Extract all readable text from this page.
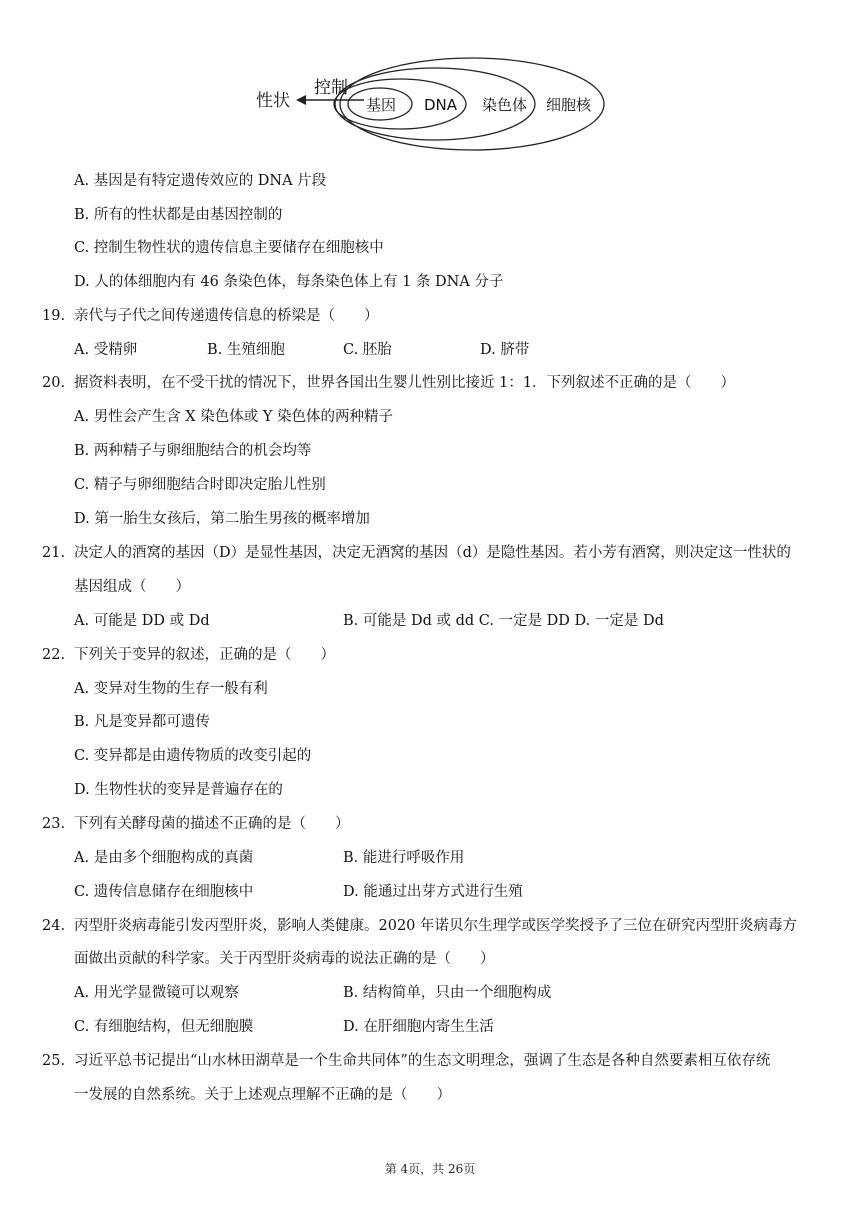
性状
控制
基因 DNA 染色体 细胞核
A. 基因是有特定遗传效应的 DNA 片段
B. 所有的性状都是由基因控制的
C. 控制生物性状的遗传信息主要储存在细胞核中
D. 人的体细胞内有 46 条染色体，每条染色体上有 1 条 DNA 分子
19. 亲代与子代之间传递遗传信息的桥梁是（　　）
A. 受精卵	B. 生殖细胞	C. 胚胎	D. 脐带
20. 据资料表明，在不受干扰的情况下，世界各国出生婴儿性别比接近 1：1．下列叙述不正确的是（　　）
A. 男性会产生含 X 染色体或 Y 染色体的两种精子
B. 两种精子与卵细胞结合的机会均等
C. 精子与卵细胞结合时即决定胎儿性别
D. 第一胎生女孩后，第二胎生男孩的概率增加
21. 决定人的酒窝的基因（D）是显性基因，决定无酒窝的基因（d）是隐性基因。若小芳有酒窝，则决定这一性状的
基因组成（　　）
A. 可能是 DD 或 Dd	B. 可能是 Dd 或 dd C. 一定是 DD D. 一定是 Dd
22. 下列关于变异的叙述，正确的是（　　）
A. 变异对生物的生存一般有利
B. 凡是变异都可遗传
C. 变异都是由遗传物质的改变引起的
D. 生物性状的变异是普遍存在的
23. 下列有关酵母菌的描述不正确的是（　　）
A. 是由多个细胞构成的真菌	B. 能进行呼吸作用
C. 遗传信息储存在细胞核中	D. 能通过出芽方式进行生殖
24. 丙型肝炎病毒能引发丙型肝炎，影响人类健康。2020 年诺贝尔生理学或医学奖授予了三位在研究丙型肝炎病毒方
面做出贡献的科学家。关于丙型肝炎病毒的说法正确的是（　　）
A. 用光学显微镜可以观察	B. 结构简单，只由一个细胞构成
C. 有细胞结构，但无细胞膜	D. 在肝细胞内寄生生活
25. 习近平总书记提出“山水林田湖草是一个生命共同体”的生态文明理念，强调了生态是各种自然要素相互依存统
一发展的自然系统。关于上述观点理解不正确的是（　　）
第 4页，共 26页
